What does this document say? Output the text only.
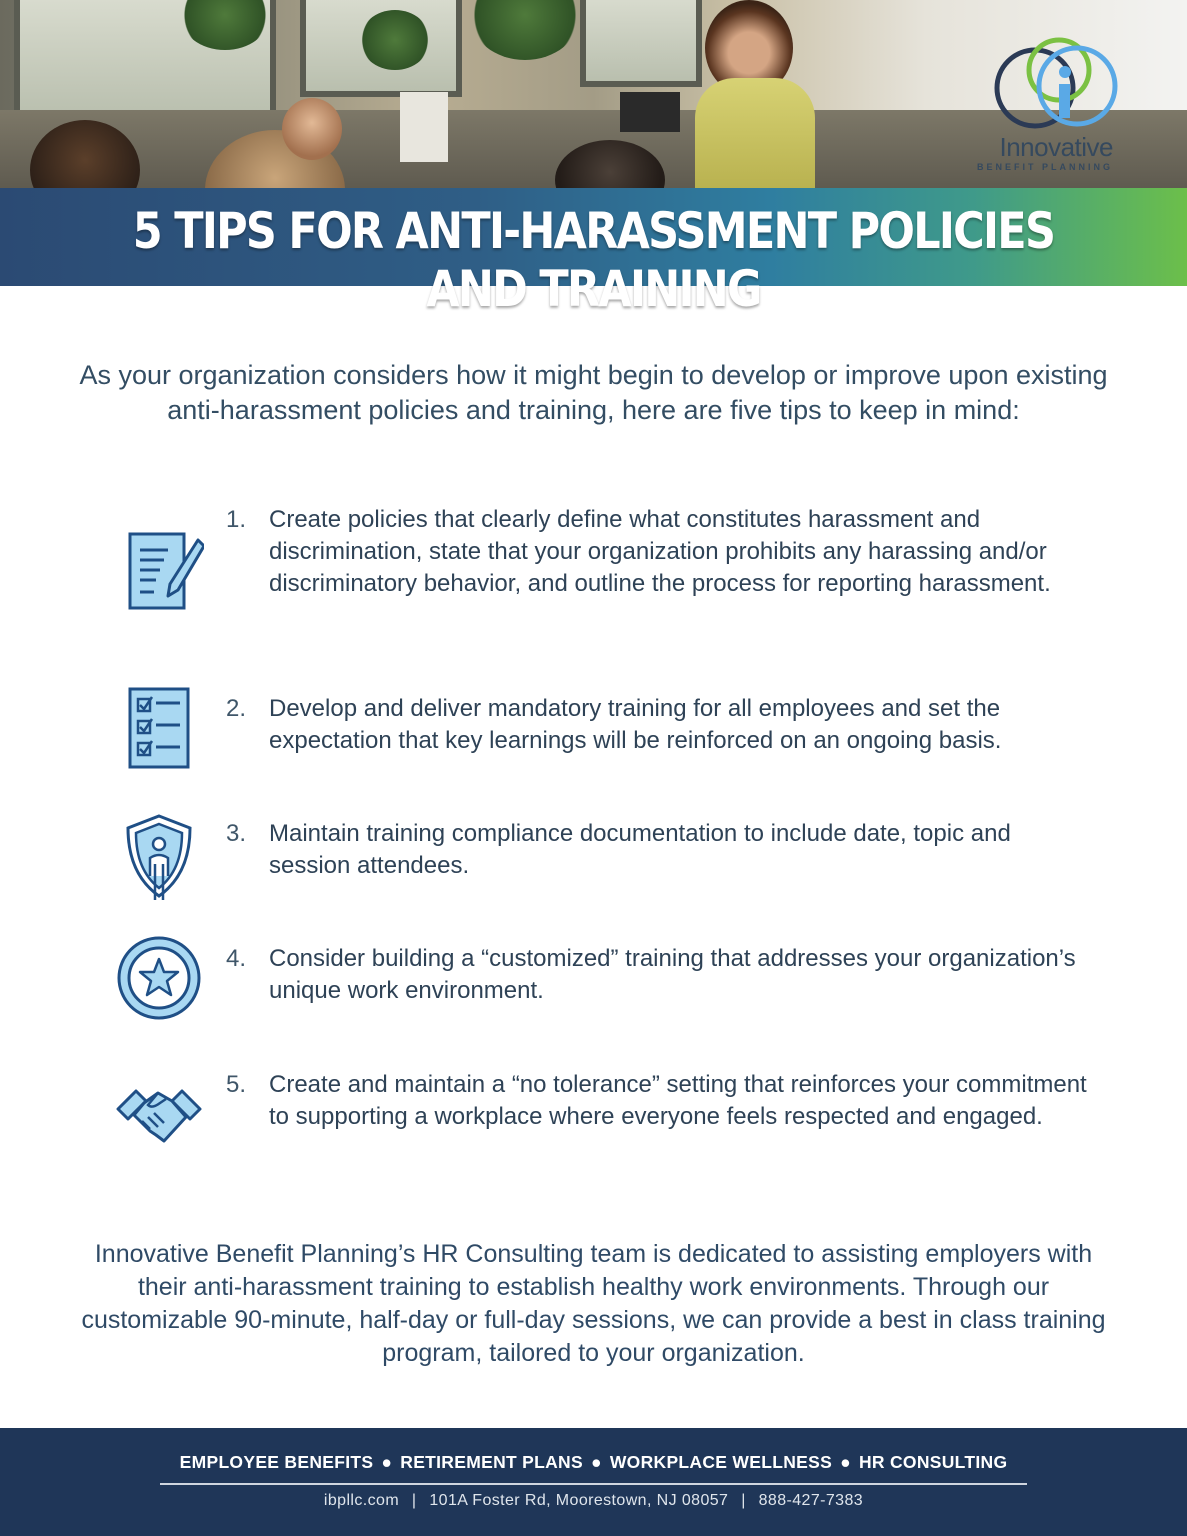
Innovative
BENEFIT PLANNING
5 TIPS FOR ANTI-HARASSMENT POLICIES AND TRAINING
As your organization considers how it might begin to develop or improve upon existing anti-harassment policies and training, here are five tips to keep in mind:
1. Create policies that clearly define what constitutes harassment and discrimination, state that your organization prohibits any harassing and/or discriminatory behavior, and outline the process for reporting harassment.
2. Develop and deliver mandatory training for all employees and set the expectation that key learnings will be reinforced on an ongoing basis.
3. Maintain training compliance documentation to include date, topic and session attendees.
4. Consider building a “customized” training that addresses your organization’s unique work environment.
5. Create and maintain a “no tolerance” setting that reinforces your commitment to supporting a workplace where everyone feels respected and engaged.
Innovative Benefit Planning’s HR Consulting team is dedicated to assisting employers with their anti-harassment training to establish healthy work environments. Through our customizable 90-minute, half-day or full-day sessions, we can provide a best in class training program, tailored to your organization.
EMPLOYEE BENEFITS ● RETIREMENT PLANS ● WORKPLACE WELLNESS ● HR CONSULTING
ibpllc.com | 101A Foster Rd, Moorestown, NJ 08057 | 888-427-7383
